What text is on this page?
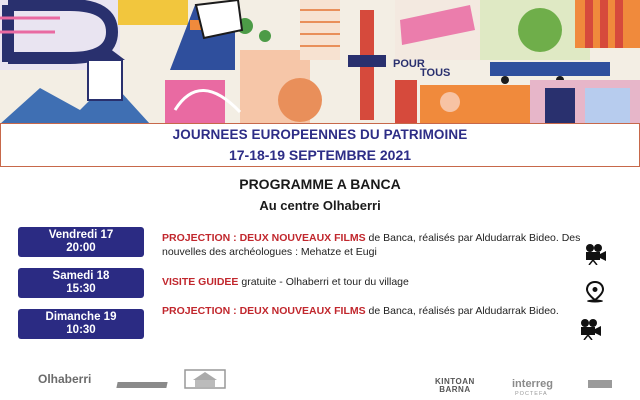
POUR
TOUS
JOURNEES EUROPEENNES DU PATRIMOINE
17-18-19 SEPTEMBRE 2021
PROGRAMME A BANCA
Au centre Olhaberri
Vendredi 17
20:00
PROJECTION : DEUX NOUVEAUX FILMS de Banca, réalisés par Aldudarrak Bideo. Des nouvelles des archéologues : Mehatze et Eugi
Samedi 18
15:30
VISITE GUIDEE gratuite - Olhaberri et tour du village
Dimanche 19
10:30
PROJECTION : DEUX NOUVEAUX FILMS de Banca, réalisés par Aldudarrak Bideo.
Olhaberri	KINTOAN
BARNA	interreg
POCTEFA
